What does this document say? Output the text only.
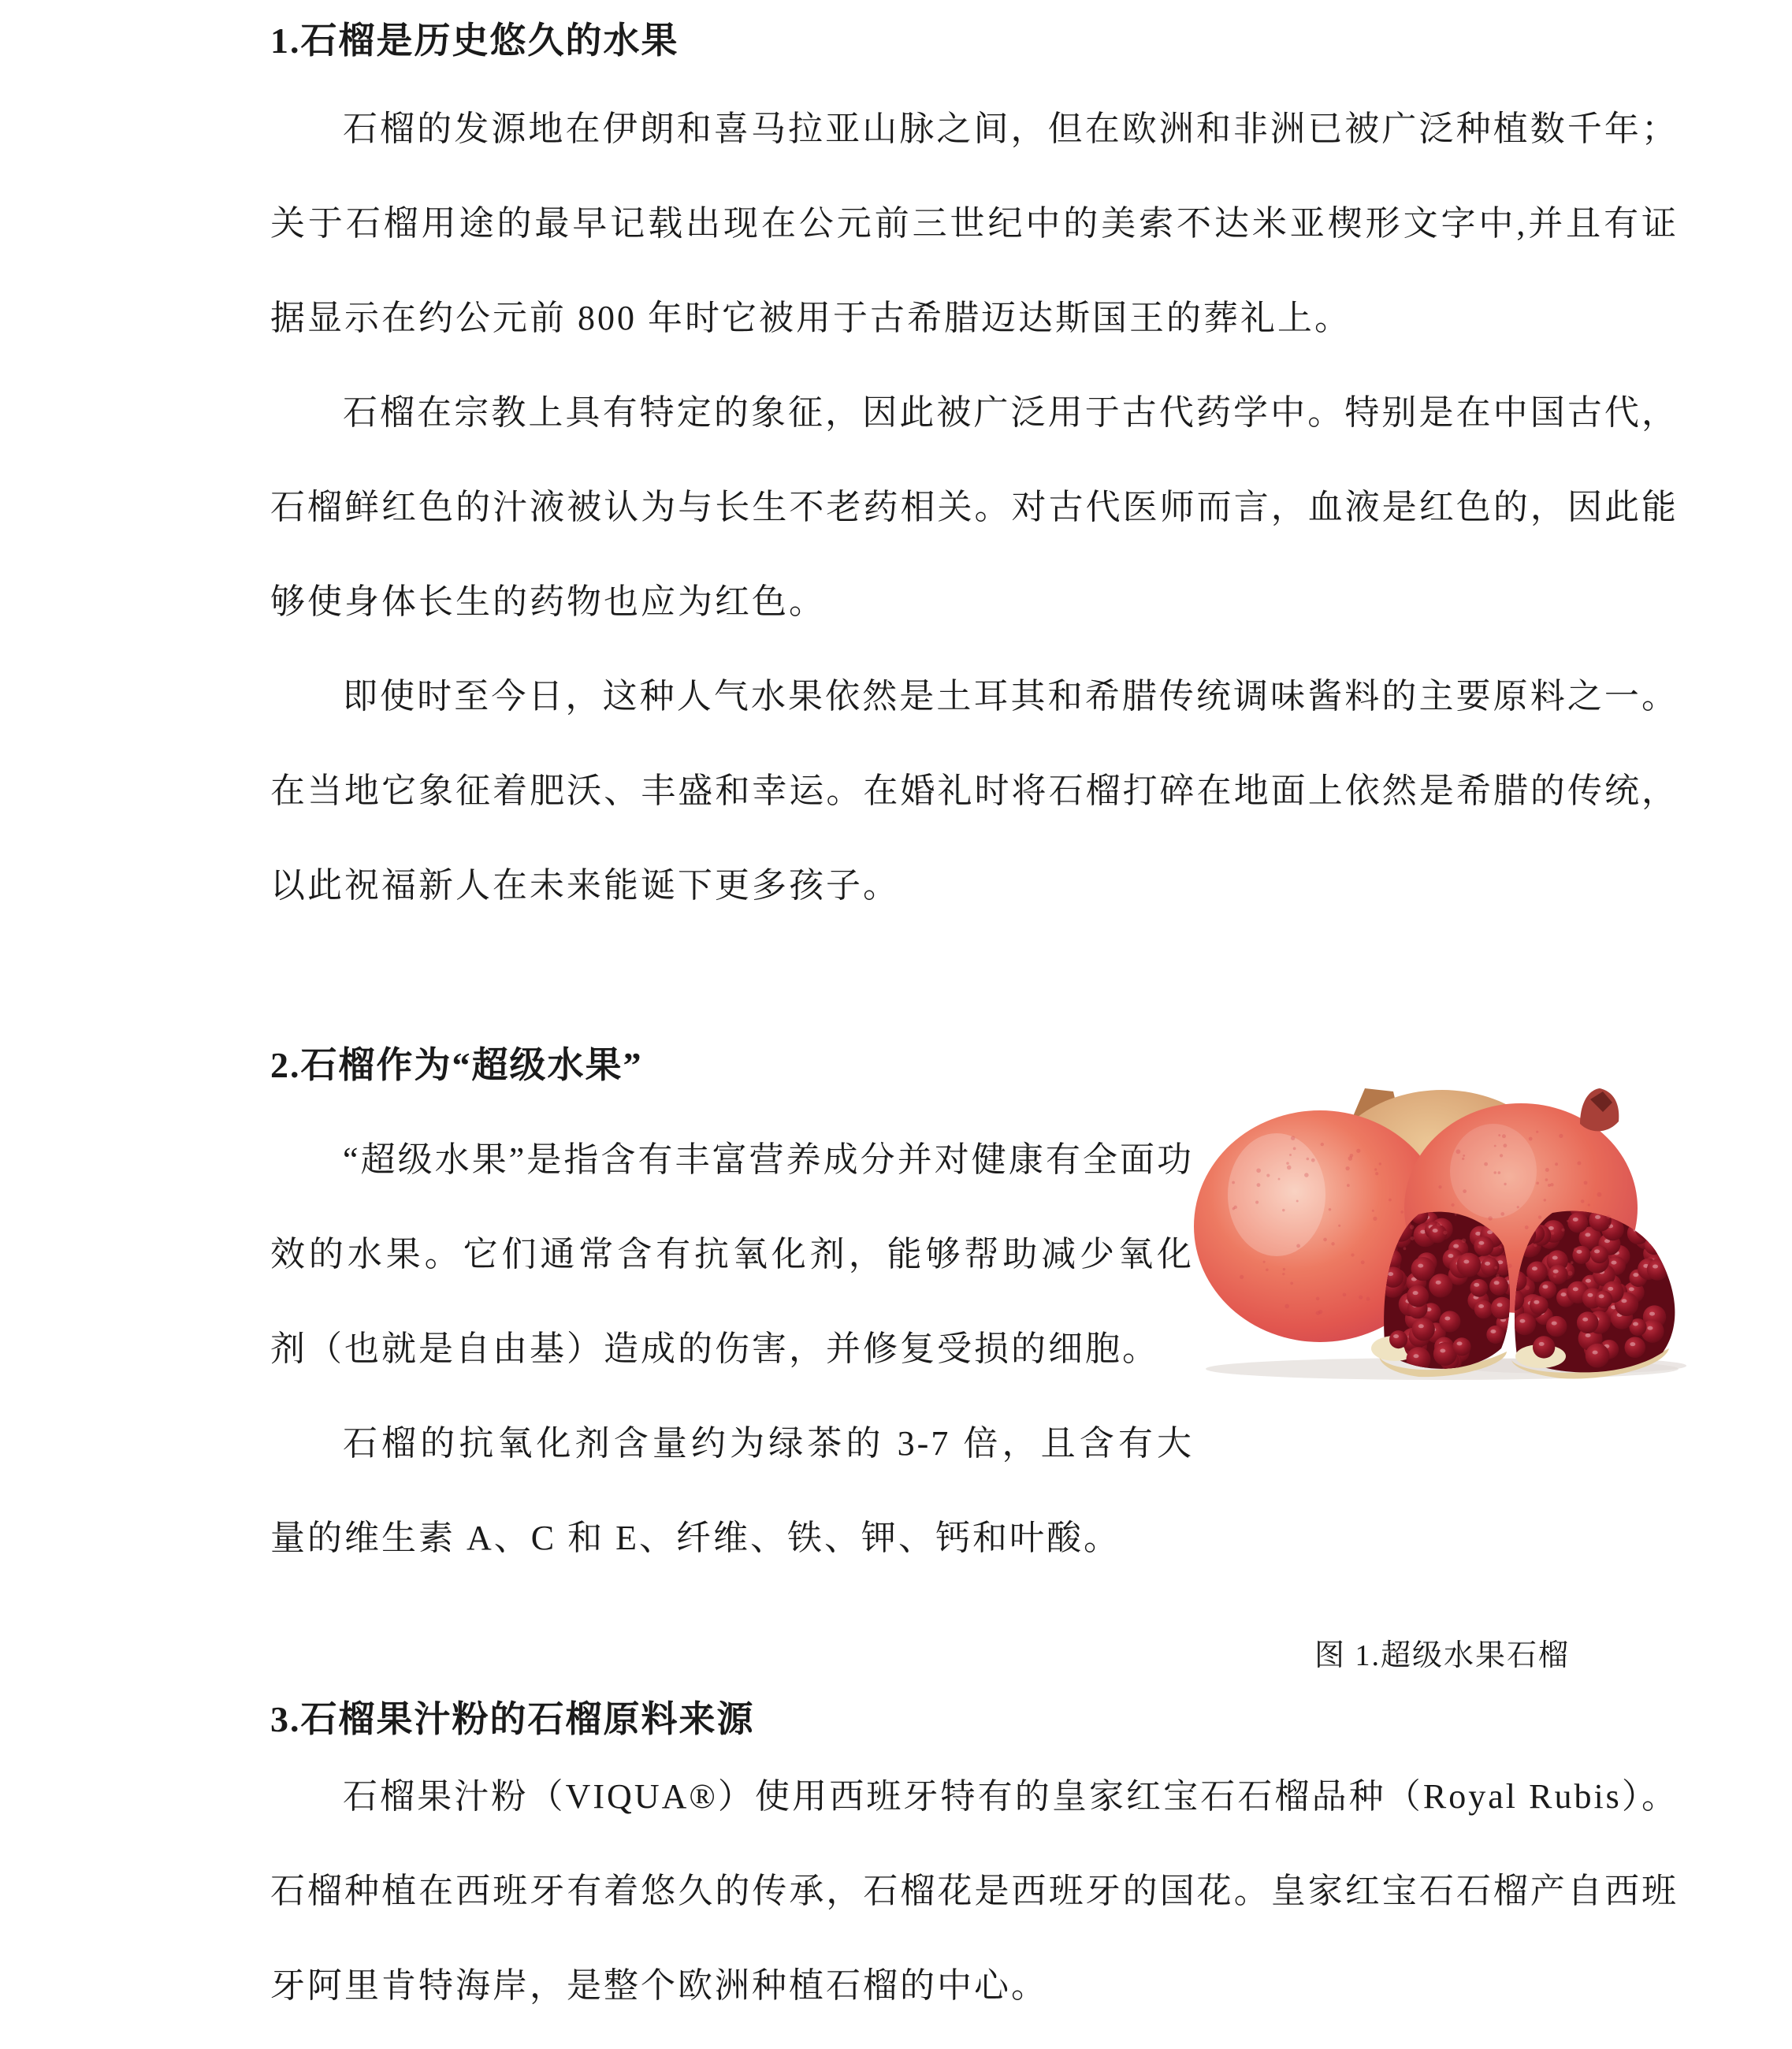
1.石榴是历史悠久的水果

石榴的发源地在伊朗和喜马拉亚山脉之间，但在欧洲和非洲已被广泛种植数千年；关于石榴用途的最早记载出现在公元前三世纪中的美索不达米亚楔形文字中,并且有证据显示在约公元前 800 年时它被用于古希腊迈达斯国王的葬礼上。

石榴在宗教上具有特定的象征，因此被广泛用于古代药学中。特别是在中国古代，石榴鲜红色的汁液被认为与长生不老药相关。对古代医师而言，血液是红色的，因此能够使身体长生的药物也应为红色。

即使时至今日，这种人气水果依然是土耳其和希腊传统调味酱料的主要原料之一。在当地它象征着肥沃、丰盛和幸运。在婚礼时将石榴打碎在地面上依然是希腊的传统，以此祝福新人在未来能诞下更多孩子。

2.石榴作为“超级水果”

“超级水果”是指含有丰富营养成分并对健康有全面功效的水果。它们通常含有抗氧化剂，能够帮助减少氧化剂（也就是自由基）造成的伤害，并修复受损的细胞。

石榴的抗氧化剂含量约为绿茶的 3-7 倍，且含有大量的维生素 A、C 和 E、纤维、铁、钾、钙和叶酸。

图 1.超级水果石榴
3.石榴果汁粉的石榴原料来源

石榴果汁粉（VIQUA®）使用西班牙特有的皇家红宝石石榴品种（Royal Rubis）。石榴种植在西班牙有着悠久的传承，石榴花是西班牙的国花。皇家红宝石石榴产自西班牙阿里肯特海岸，是整个欧洲种植石榴的中心。
